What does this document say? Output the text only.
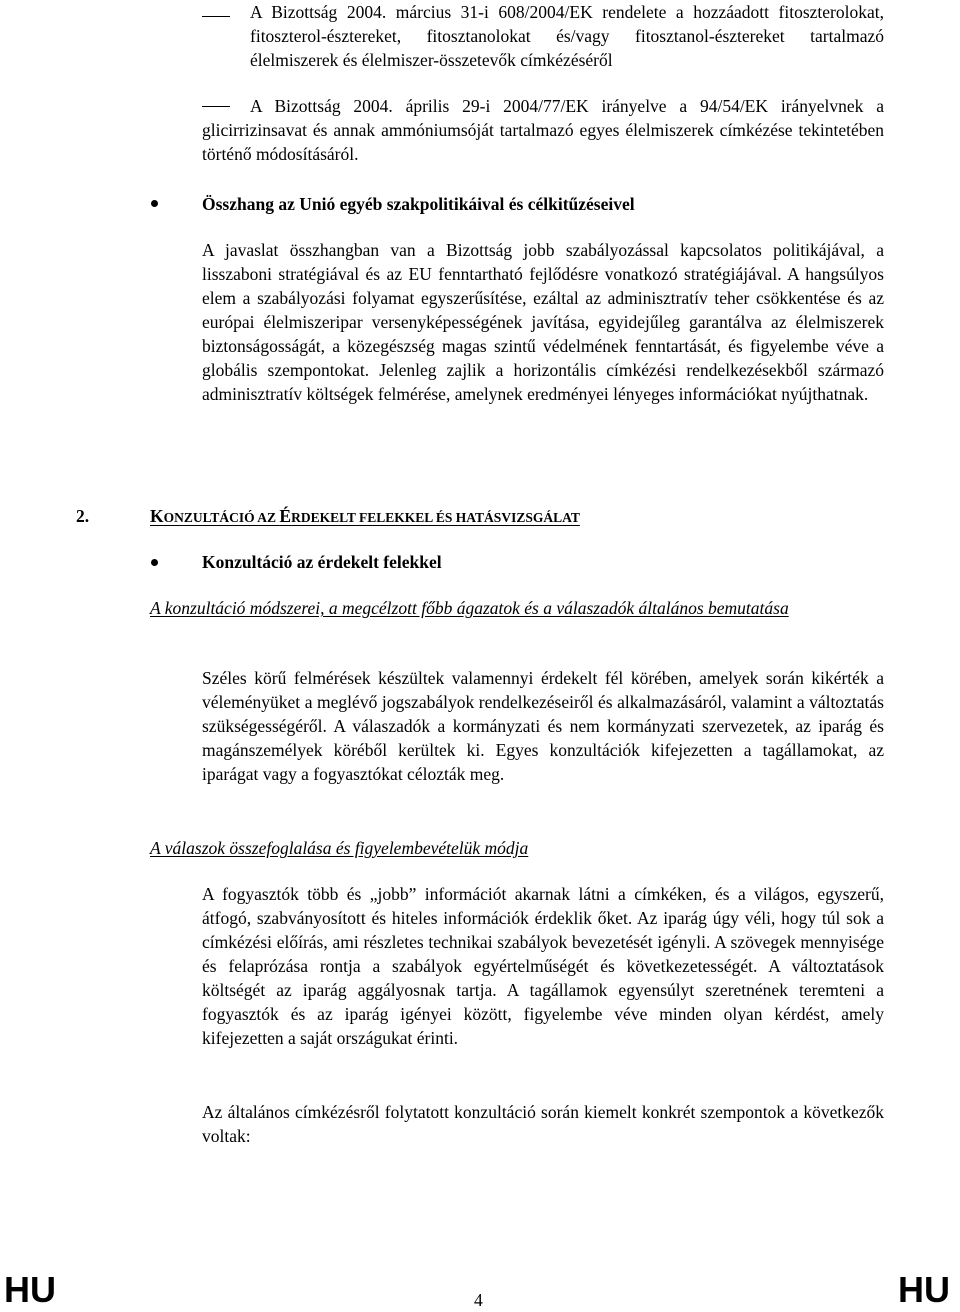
A Bizottság 2004. március 31-i 608/2004/EK rendelete a hozzáadott fitoszterolokat, fitoszterol-észtereket, fitosztanolokat és/vagy fitosztanol-észtereket tartalmazó élelmiszerek és élelmiszer-összetevők címkézéséről
A Bizottság 2004. április 29-i 2004/77/EK irányelve a 94/54/EK irányelvnek a glicirrizinsavat és annak ammóniumsóját tartalmazó egyes élelmiszerek címkézése tekintetében történő módosításáról.
Összhang az Unió egyéb szakpolitikáival és célkitűzéseivel
A javaslat összhangban van a Bizottság jobb szabályozással kapcsolatos politikájával, a lisszaboni stratégiával és az EU fenntartható fejlődésre vonatkozó stratégiájával. A hangsúlyos elem a szabályozási folyamat egyszerűsítése, ezáltal az adminisztratív teher csökkentése és az európai élelmiszeripar versenyképességének javítása, egyidejűleg garantálva az élelmiszerek biztonságosságát, a közegészség magas szintű védelmének fenntartását, és figyelembe véve a globális szempontokat. Jelenleg zajlik a horizontális címkézési rendelkezésekből származó adminisztratív költségek felmérése, amelynek eredményei lényeges információkat nyújthatnak.
2.	KONZULTÁCIÓ AZ ÉRDEKELT FELEKKEL ÉS HATÁSVIZSGÁLAT
Konzultáció az érdekelt felekkel
A konzultáció módszerei, a megcélzott főbb ágazatok és a válaszadók általános bemutatása
Széles körű felmérések készültek valamennyi érdekelt fél körében, amelyek során kikérték a véleményüket a meglévő jogszabályok rendelkezéseiről és alkalmazásáról, valamint a változtatás szükségességéről. A válaszadók a kormányzati és nem kormányzati szervezetek, az iparág és magánszemélyek köréből kerültek ki. Egyes konzultációk kifejezetten a tagállamokat, az iparágat vagy a fogyasztókat célozták meg.
A válaszok összefoglalása és figyelembevételük módja
A fogyasztók több és „jobb” információt akarnak látni a címkéken, és a világos, egyszerű, átfogó, szabványosított és hiteles információk érdeklik őket. Az iparág úgy véli, hogy túl sok a címkézési előírás, ami részletes technikai szabályok bevezetését igényli. A szövegek mennyisége és felaprózása rontja a szabályok egyértelműségét és következetességét. A változtatások költségét az iparág aggályosnak tartja. A tagállamok egyensúlyt szeretnének teremteni a fogyasztók és az iparág igényei között, figyelembe véve minden olyan kérdést, amely kifejezetten a saját országukat érinti.
Az általános címkézésről folytatott konzultáció során kiemelt konkrét szempontok a következők voltak:
HU	4	HU
